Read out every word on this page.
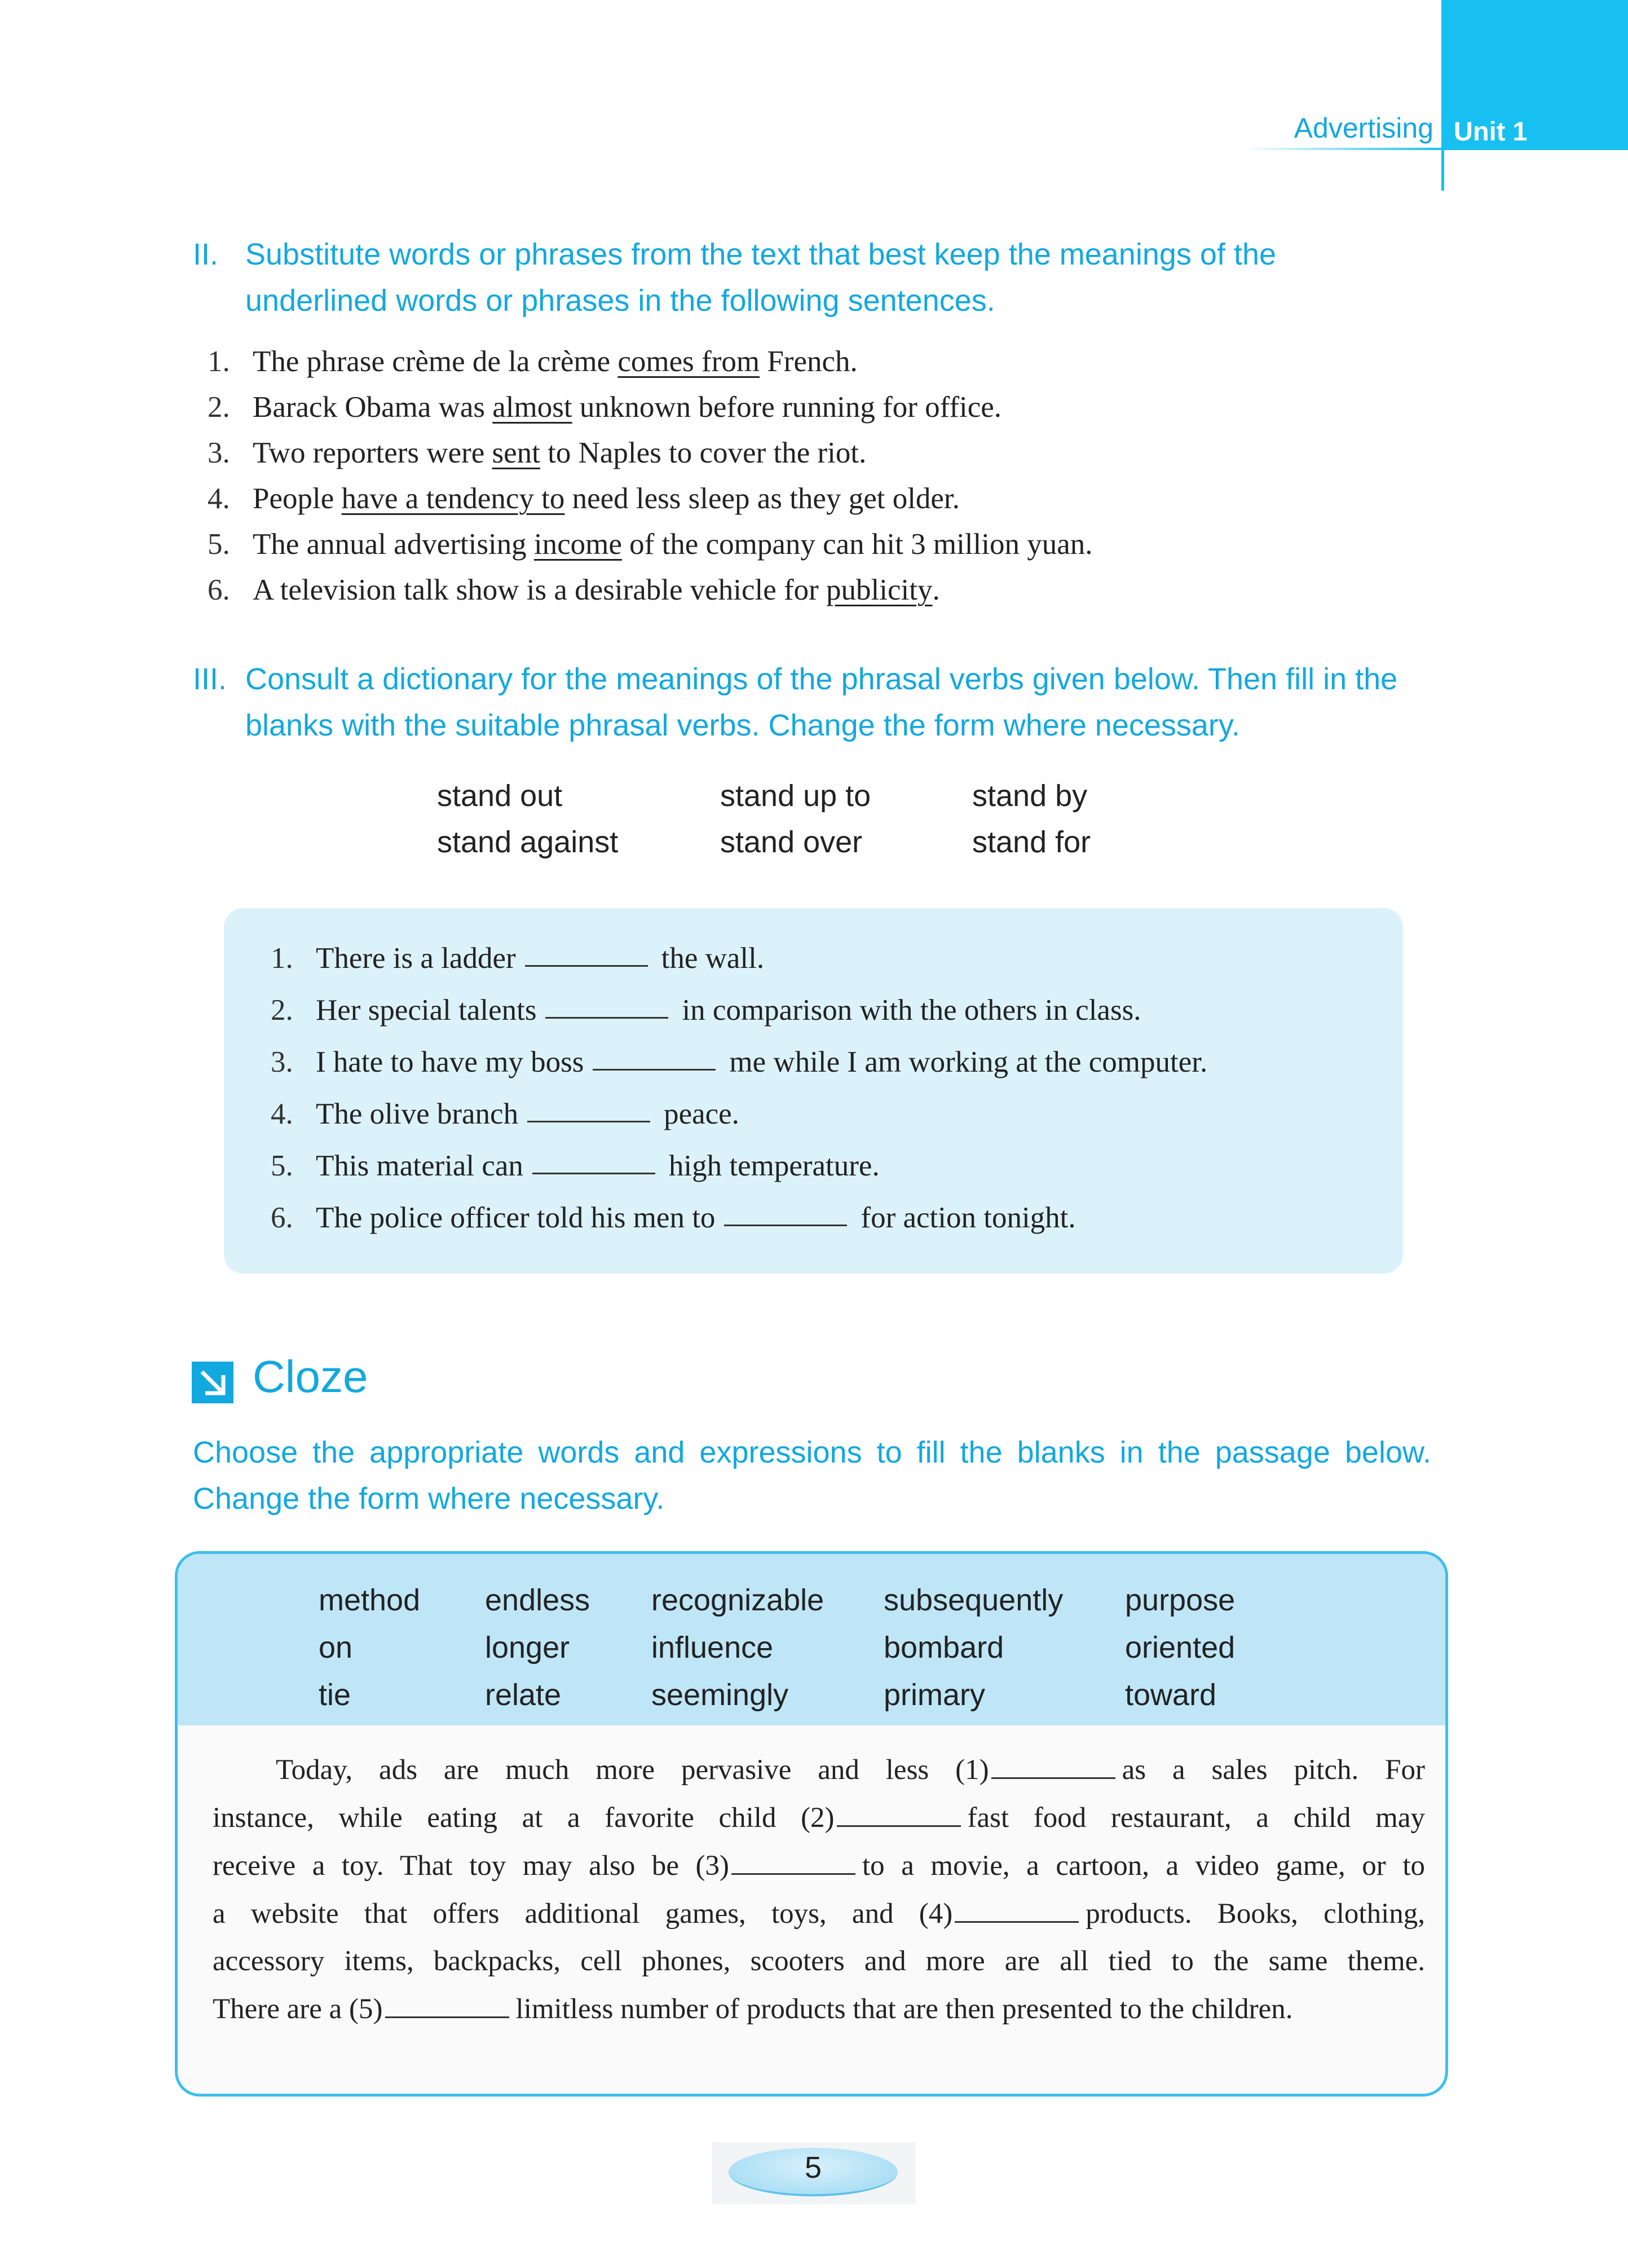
Advertising Unit 1
II. Substitute words or phrases from the text that best keep the meanings of the
underlined words or phrases in the following sentences.
1. The phrase crème de la crème comes from French.
2. Barack Obama was almost unknown before running for office.
3. Two reporters were sent to Naples to cover the riot.
4. People have a tendency to need less sleep as they get older.
5. The annual advertising income of the company can hit 3 million yuan.
6. A television talk show is a desirable vehicle for publicity .
III. Consult a dictionary for the meanings of the phrasal verbs given below. Then fill in the
blanks with the suitable phrasal verbs. Change the form where necessary.
stand out	stand up to	stand by
stand against	stand over	stand for
1. There is a ladder	the wall.
2. Her special talents	in comparison with the others in class.
3. I hate to have my boss	me while I am working at the computer.
4. The olive branch	peace.
5. This material can	high temperature.
6. The police officer told his men to	for action tonight.
Cloze
Choose the appropriate words and expressions to fill the blanks in the passage below.
Change the form where necessary.
method endless recognizable subsequently purpose
on	longer	influence	bombard	oriented
tie	relate	seemingly	primary	toward
Today, ads are much more pervasive and less (1)	as a sales pitch. For
instance, while eating at a favorite child (2)	fast food restaurant, a child may
receive a toy. That toy may also be (3)	to a movie, a cartoon, a video game, or to
a website that offers additional games, toys, and (4)	products. Books, clothing,
accessory items, backpacks, cell phones, scooters and more are all tied to the same theme.
There are a (5)	limitless number of products that are then presented to the children.
5
